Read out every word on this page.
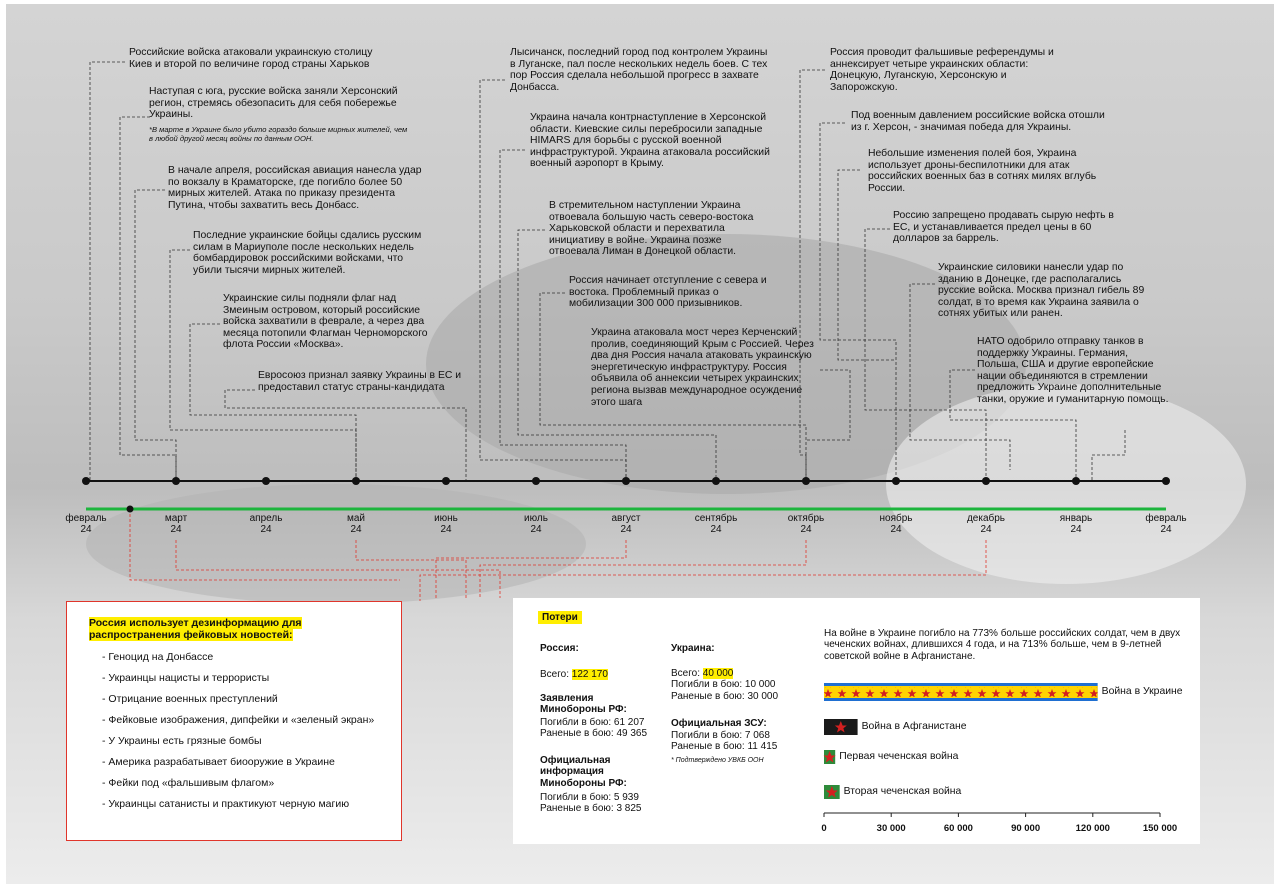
Российские войска атаковали украинскую столицу Киев и второй по величине город страны Харьков
Наступая с юга, русские войска заняли Херсонский регион, стремясь обезопасить для себя побережье Украины.
*В марте в Украине было убито гораздо больше мирных жителей, чем в любой другой месяц войны по данным ООН.
В начале апреля, российская авиация нанесла удар по вокзалу в Краматорске, где погибло более 50 мирных жителей. Атака по приказу президента Путина, чтобы захватить весь Донбасс.
Последние украинские бойцы сдались русским силам в Мариуполе после нескольких недель бомбардировок российскими войсками, что убили тысячи мирных жителей.
Украинские силы подняли флаг над Змеиным островом, который российские войска захватили в феврале, а через два месяца потопили Флагман Черноморского флота России «Москва».
Евросоюз признал заявку Украины в ЕС и предоставил статус страны-кандидата
Лысичанск, последний город под контролем Украины в Луганске, пал после нескольких недель боев. С тех пор Россия сделала небольшой прогресс в захвате Донбасса.
Украина начала контрнаступление в Херсонской области. Киевские силы перебросили западные HIMARS для борьбы с русской военной инфраструктурой. Украина атаковала российский военный аэропорт в Крыму.
В стремительном наступлении Украина отвоевала большую часть северо-востока Харьковской области и перехватила инициативу в войне. Украина позже отвоевала Лиман в Донецкой области.
Россия начинает отступление с севера и востока. Проблемный приказ о мобилизации 300 000 призывников.
Украина атаковала мост через Керченский пролив, соединяющий Крым с Россией. Через два дня Россия начала атаковать украинскую энергетическую инфраструктуру. Россия объявила об аннексии четырех украинских региона вызвав международное осуждение этого шага
Россия проводит фальшивые референдумы и аннексирует четыре украинских области: Донецкую, Луганскую, Херсонскую и Запорожскую.
Под военным давлением российские войска отошли из г. Херсон, - значимая победа для Украины.
Небольшие изменения полей боя, Украина использует дроны-беспилотники для атак российских военных баз в сотнях милях вглубь России.
Россию запрещено продавать сырую нефть в ЕС, и устанавливается предел цены в 60 долларов за баррель.
Украинские силовики нанесли удар по зданию в Донецке, где располагались русские войска. Москва признал гибель 89 солдат, в то время как Украина заявила о сотнях убитых или ранен.
НАТО одобрило отправку танков в поддержку Украины. Германия, Польша, США и другие европейские нации объединяются в стремлении предложить Украине дополнительные танки, оружие и гуманитарную помощь.
февраль
24
март
24
апрель
24
май
24
июнь
24
июль
24
август
24
сентябрь
24
октябрь
24
ноябрь
24
декабрь
24
январь
24
февраль
24
Россия использует дезинформацию для
распространения фейковых новостей:
- Геноцид на Донбассе
- Украинцы нацисты и террористы
- Отрицание военных преступлений
- Фейковые изображения, дипфейки и «зеленый экран»
- У Украины есть грязные бомбы
- Америка разрабатывает биооружие в Украине
- Фейки под «фальшивым флагом»
- Украинцы сатанисты и практикуют черную магию
Потери
Россия:
Всего: 122 170
Заявления
Минобороны РФ:
Погибли в бою: 61 207
Раненые в бою: 49 365
Официальная
информация
Минобороны РФ:
Погибли в бою: 5 939
Раненые в бою: 3 825
Украина:
Всего: 40 000
Погибли в бою: 10 000
Раненые в бою: 30 000
Официальная ЗСУ:
Погибли в бою: 7 068
Раненые в бою: 11 415
* Подтверждено УВКБ ООН
На войне в Украине погибло на 773% больше российских солдат, чем в двух чеченских войнах, длившихся 4 года, и на 713% больше, чем в 9-летней советской войне в Афганистане.
Война в Украине
Война в Афганистане
Первая чеченская война
Вторая чеченская война
0	30 000	60 000	90 000	120 000	150 000
